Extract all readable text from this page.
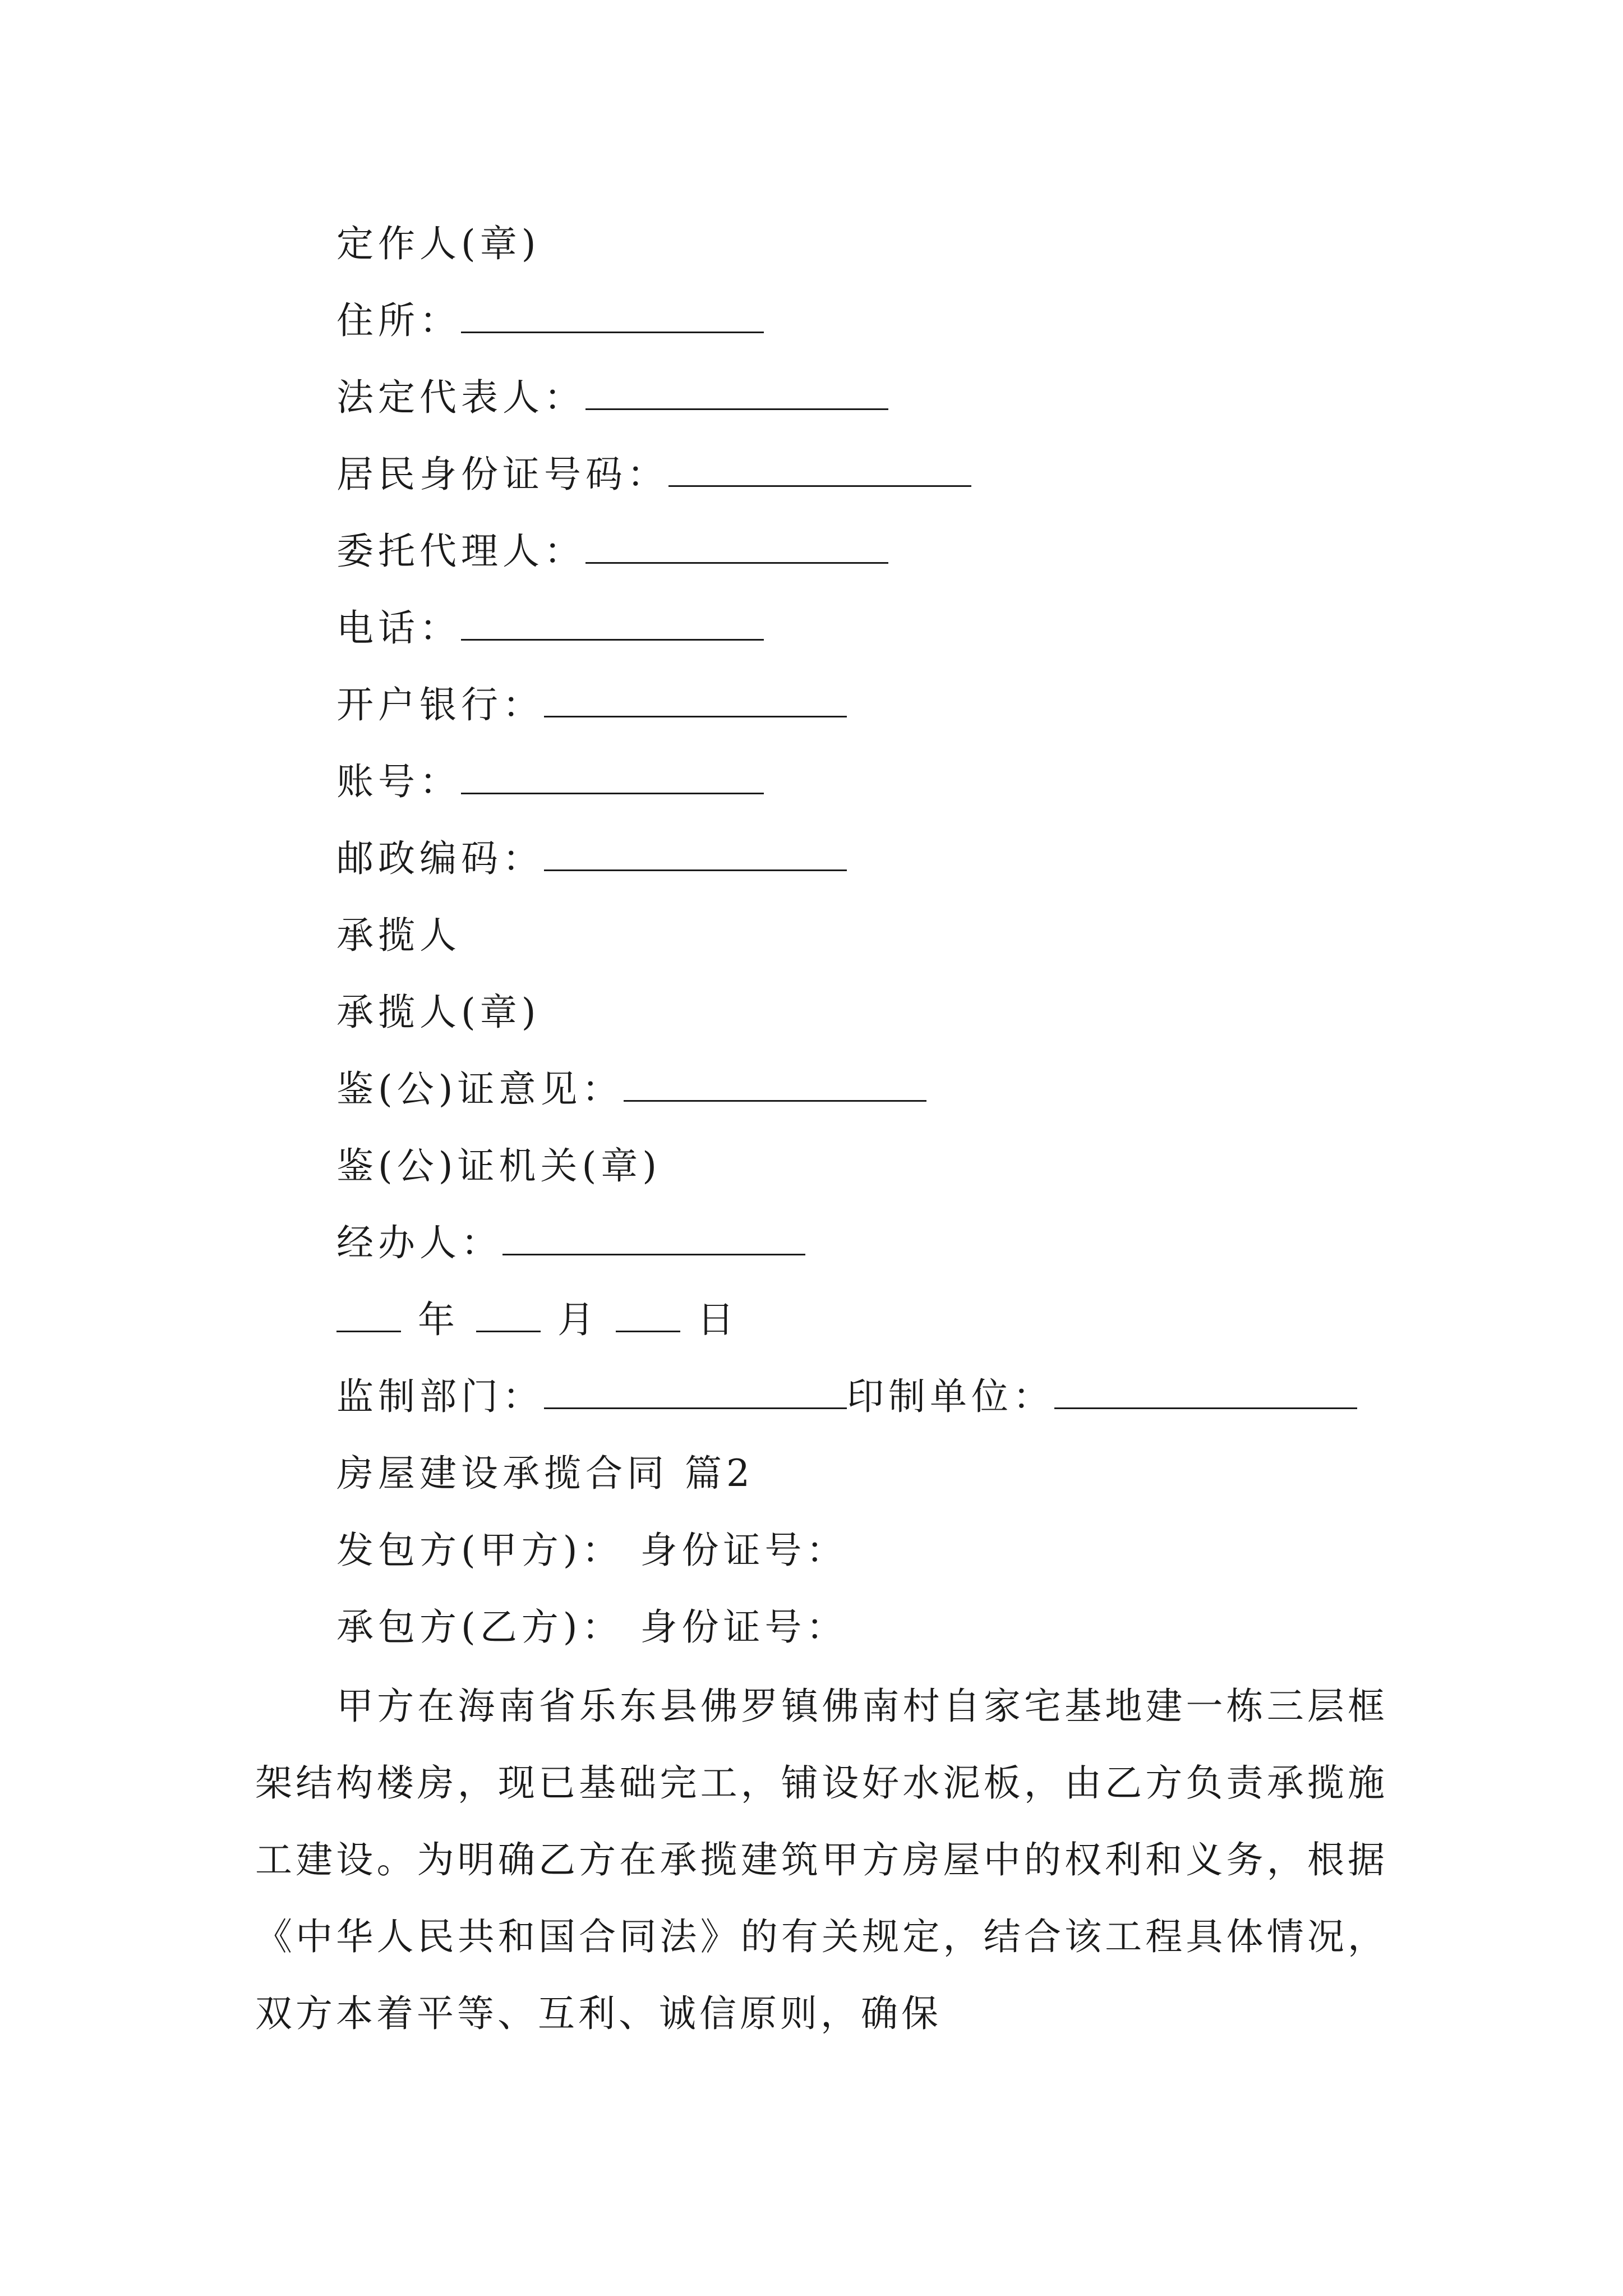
定作人(章)
住所：
法定代表人：
居民身份证号码：
委托代理人：
电话：
开户银行：
账号：
邮政编码：
承揽人
承揽人(章)
鉴(公)证意见：
鉴(公)证机关(章)
经办人：
年	月	日
监制部门：	印制单位：
房屋建设承揽合同 篇2
发包方(甲方)： 身份证号：
承包方(乙方)： 身份证号：

甲方在海南省乐东县佛罗镇佛南村自家宅基地建一栋三层框架结构楼房，现已基础完工，铺设好水泥板，由乙方负责承揽施工建设。为明确乙方在承揽建筑甲方房屋中的权利和义务，根据《中华人民共和国合同法》的有关规定，结合该工程具体情况，双方本着平等、互利、诚信原则，确保
